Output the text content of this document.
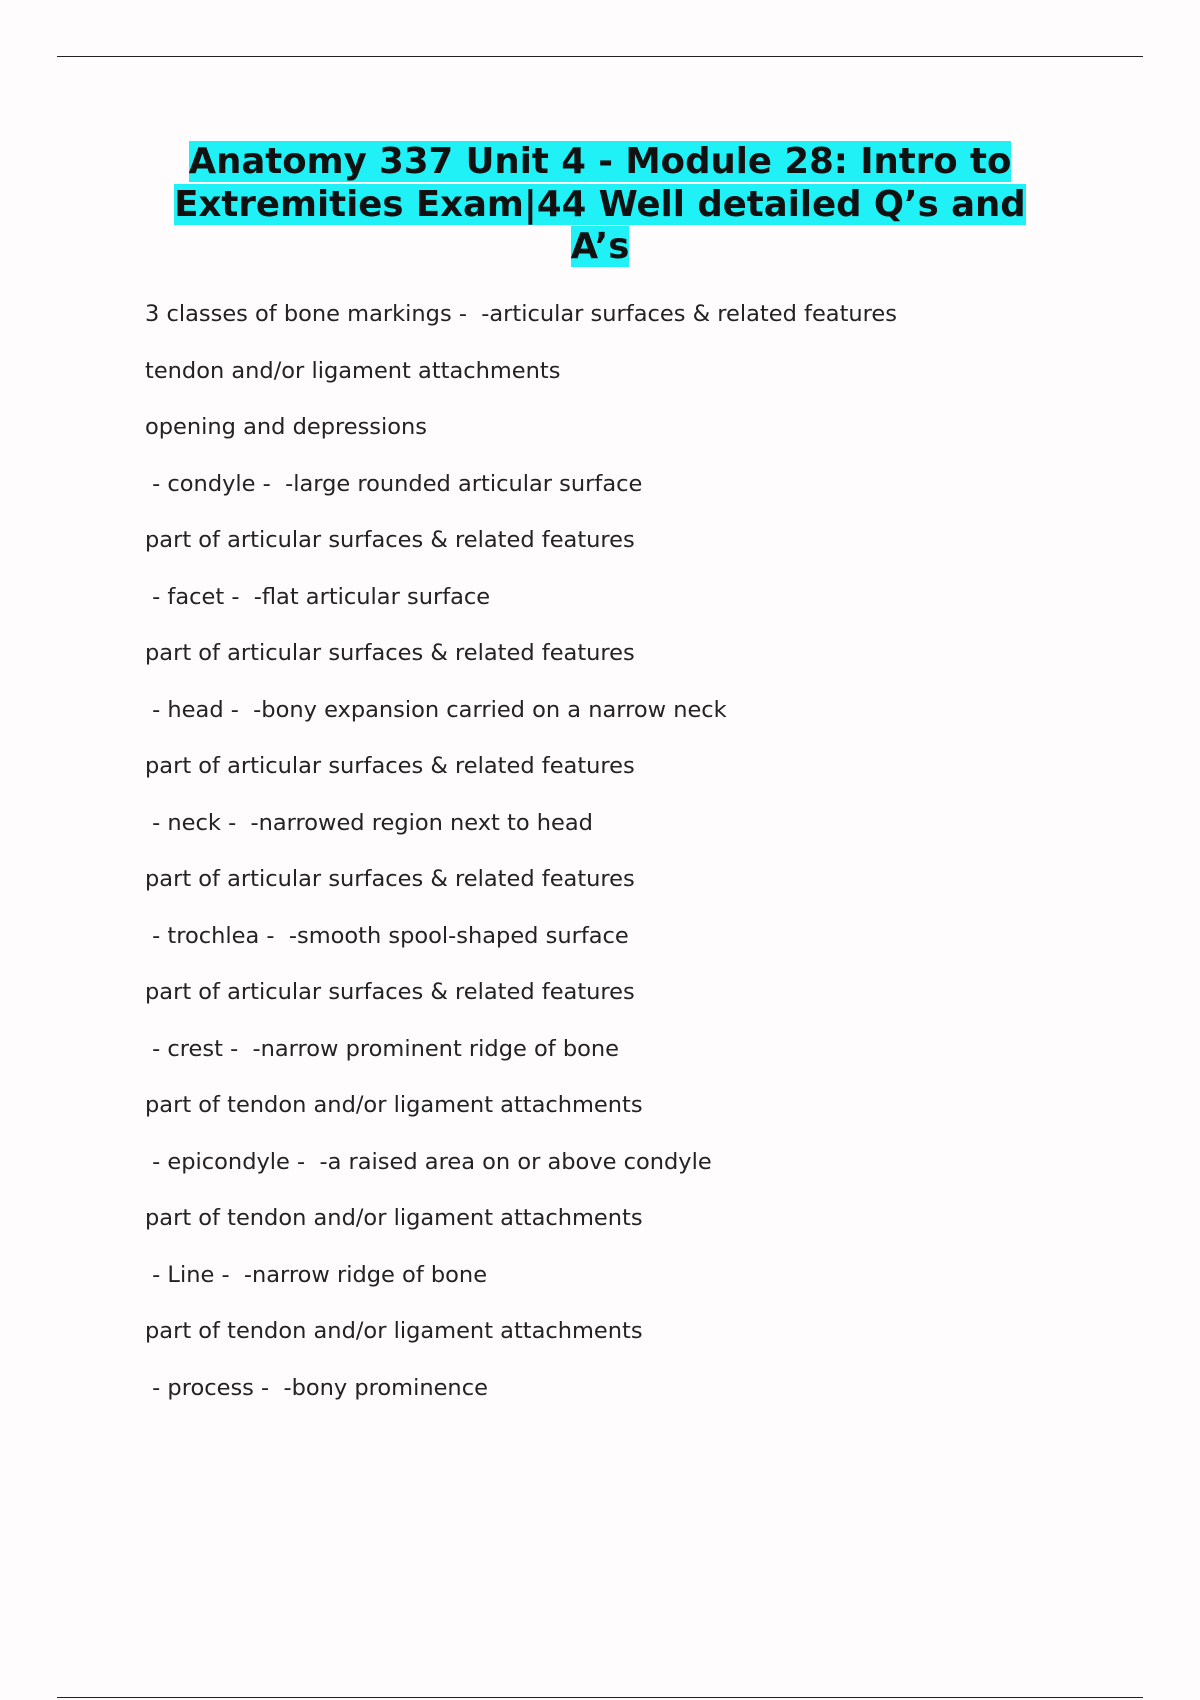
Anatomy 337 Unit 4 - Module 28: Intro to Extremities Exam|44 Well detailed Q’s and A’s
3 classes of bone markings -  -articular surfaces & related features
tendon and/or ligament attachments
opening and depressions
- condyle -  -large rounded articular surface
part of articular surfaces & related features
- facet -  -flat articular surface
part of articular surfaces & related features
- head -  -bony expansion carried on a narrow neck
part of articular surfaces & related features
- neck -  -narrowed region next to head
part of articular surfaces & related features
- trochlea -  -smooth spool-shaped surface
part of articular surfaces & related features
- crest -  -narrow prominent ridge of bone
part of tendon and/or ligament attachments
- epicondyle -  -a raised area on or above condyle
part of tendon and/or ligament attachments
- Line -  -narrow ridge of bone
part of tendon and/or ligament attachments
- process -  -bony prominence
